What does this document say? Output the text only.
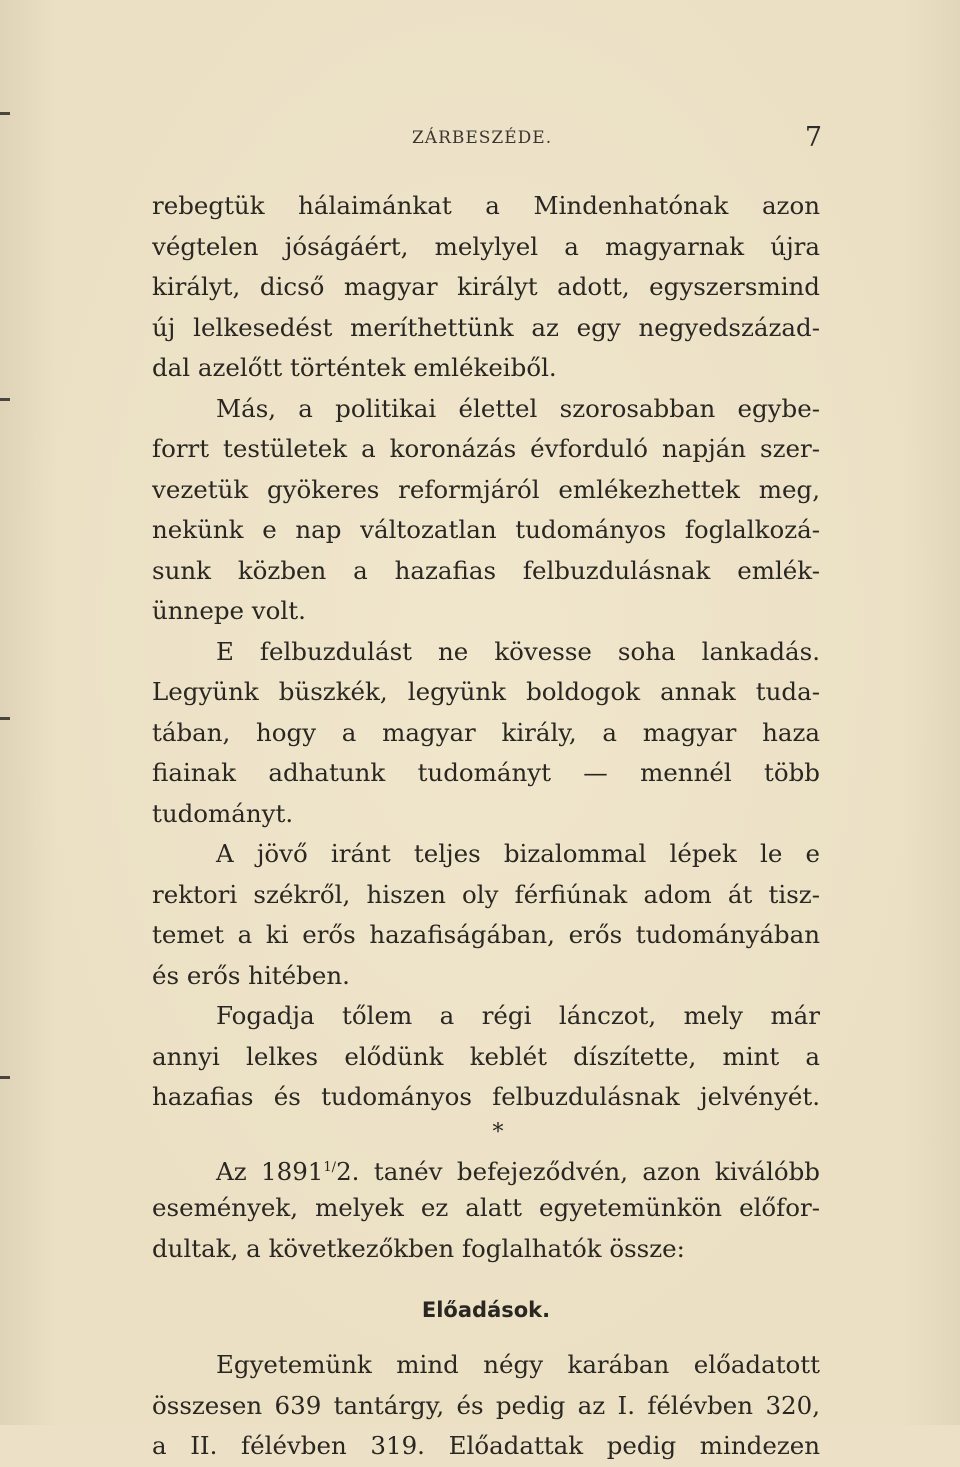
ZÁRBESZÉDE.	7
rebegtük hálaimánkat a Mindenhatónak azon
végtelen jóságáért, melylyel a magyarnak újra
királyt, dicső magyar királyt adott, egyszersmind
új lelkesedést meríthettünk az egy negyedszázad-
dal azelőtt történtek emlékeiből.
Más, a politikai élettel szorosabban egybe-
forrt testületek a koronázás évforduló napján szer-
vezetük gyökeres reformjáról emlékezhettek meg,
nekünk e nap változatlan tudományos foglalkozá-
sunk közben a hazafias felbuzdulásnak emlék-
ünnepe volt.
E felbuzdulást ne kövesse soha lankadás.
Legyünk büszkék, legyünk boldogok annak tuda-
tában, hogy a magyar király, a magyar haza
fiainak adhatunk tudományt — mennél több
tudományt.
A jövő iránt teljes bizalommal lépek le e
rektori székről, hiszen oly férfiúnak adom át tisz-
temet a ki erős hazafiságában, erős tudományában
és erős hitében.
Fogadja tőlem a régi lánczot, mely már
annyi lelkes elődünk keblét díszítette, mint a
hazafias és tudományos felbuzdulásnak jelvényét.
*
Az $1891^{1/}2$. tanév befejeződvén, azon kiválóbb
események, melyek ez alatt egyetemünkön előfor-
dultak, a következőkben foglalhatók össze:
Előadások.
Egyetemünk mind négy karában előadatott
összesen 639 tantárgy, és pedig az I. félévben 320,
a II. félévben 319. Előadattak pedig mindezen
